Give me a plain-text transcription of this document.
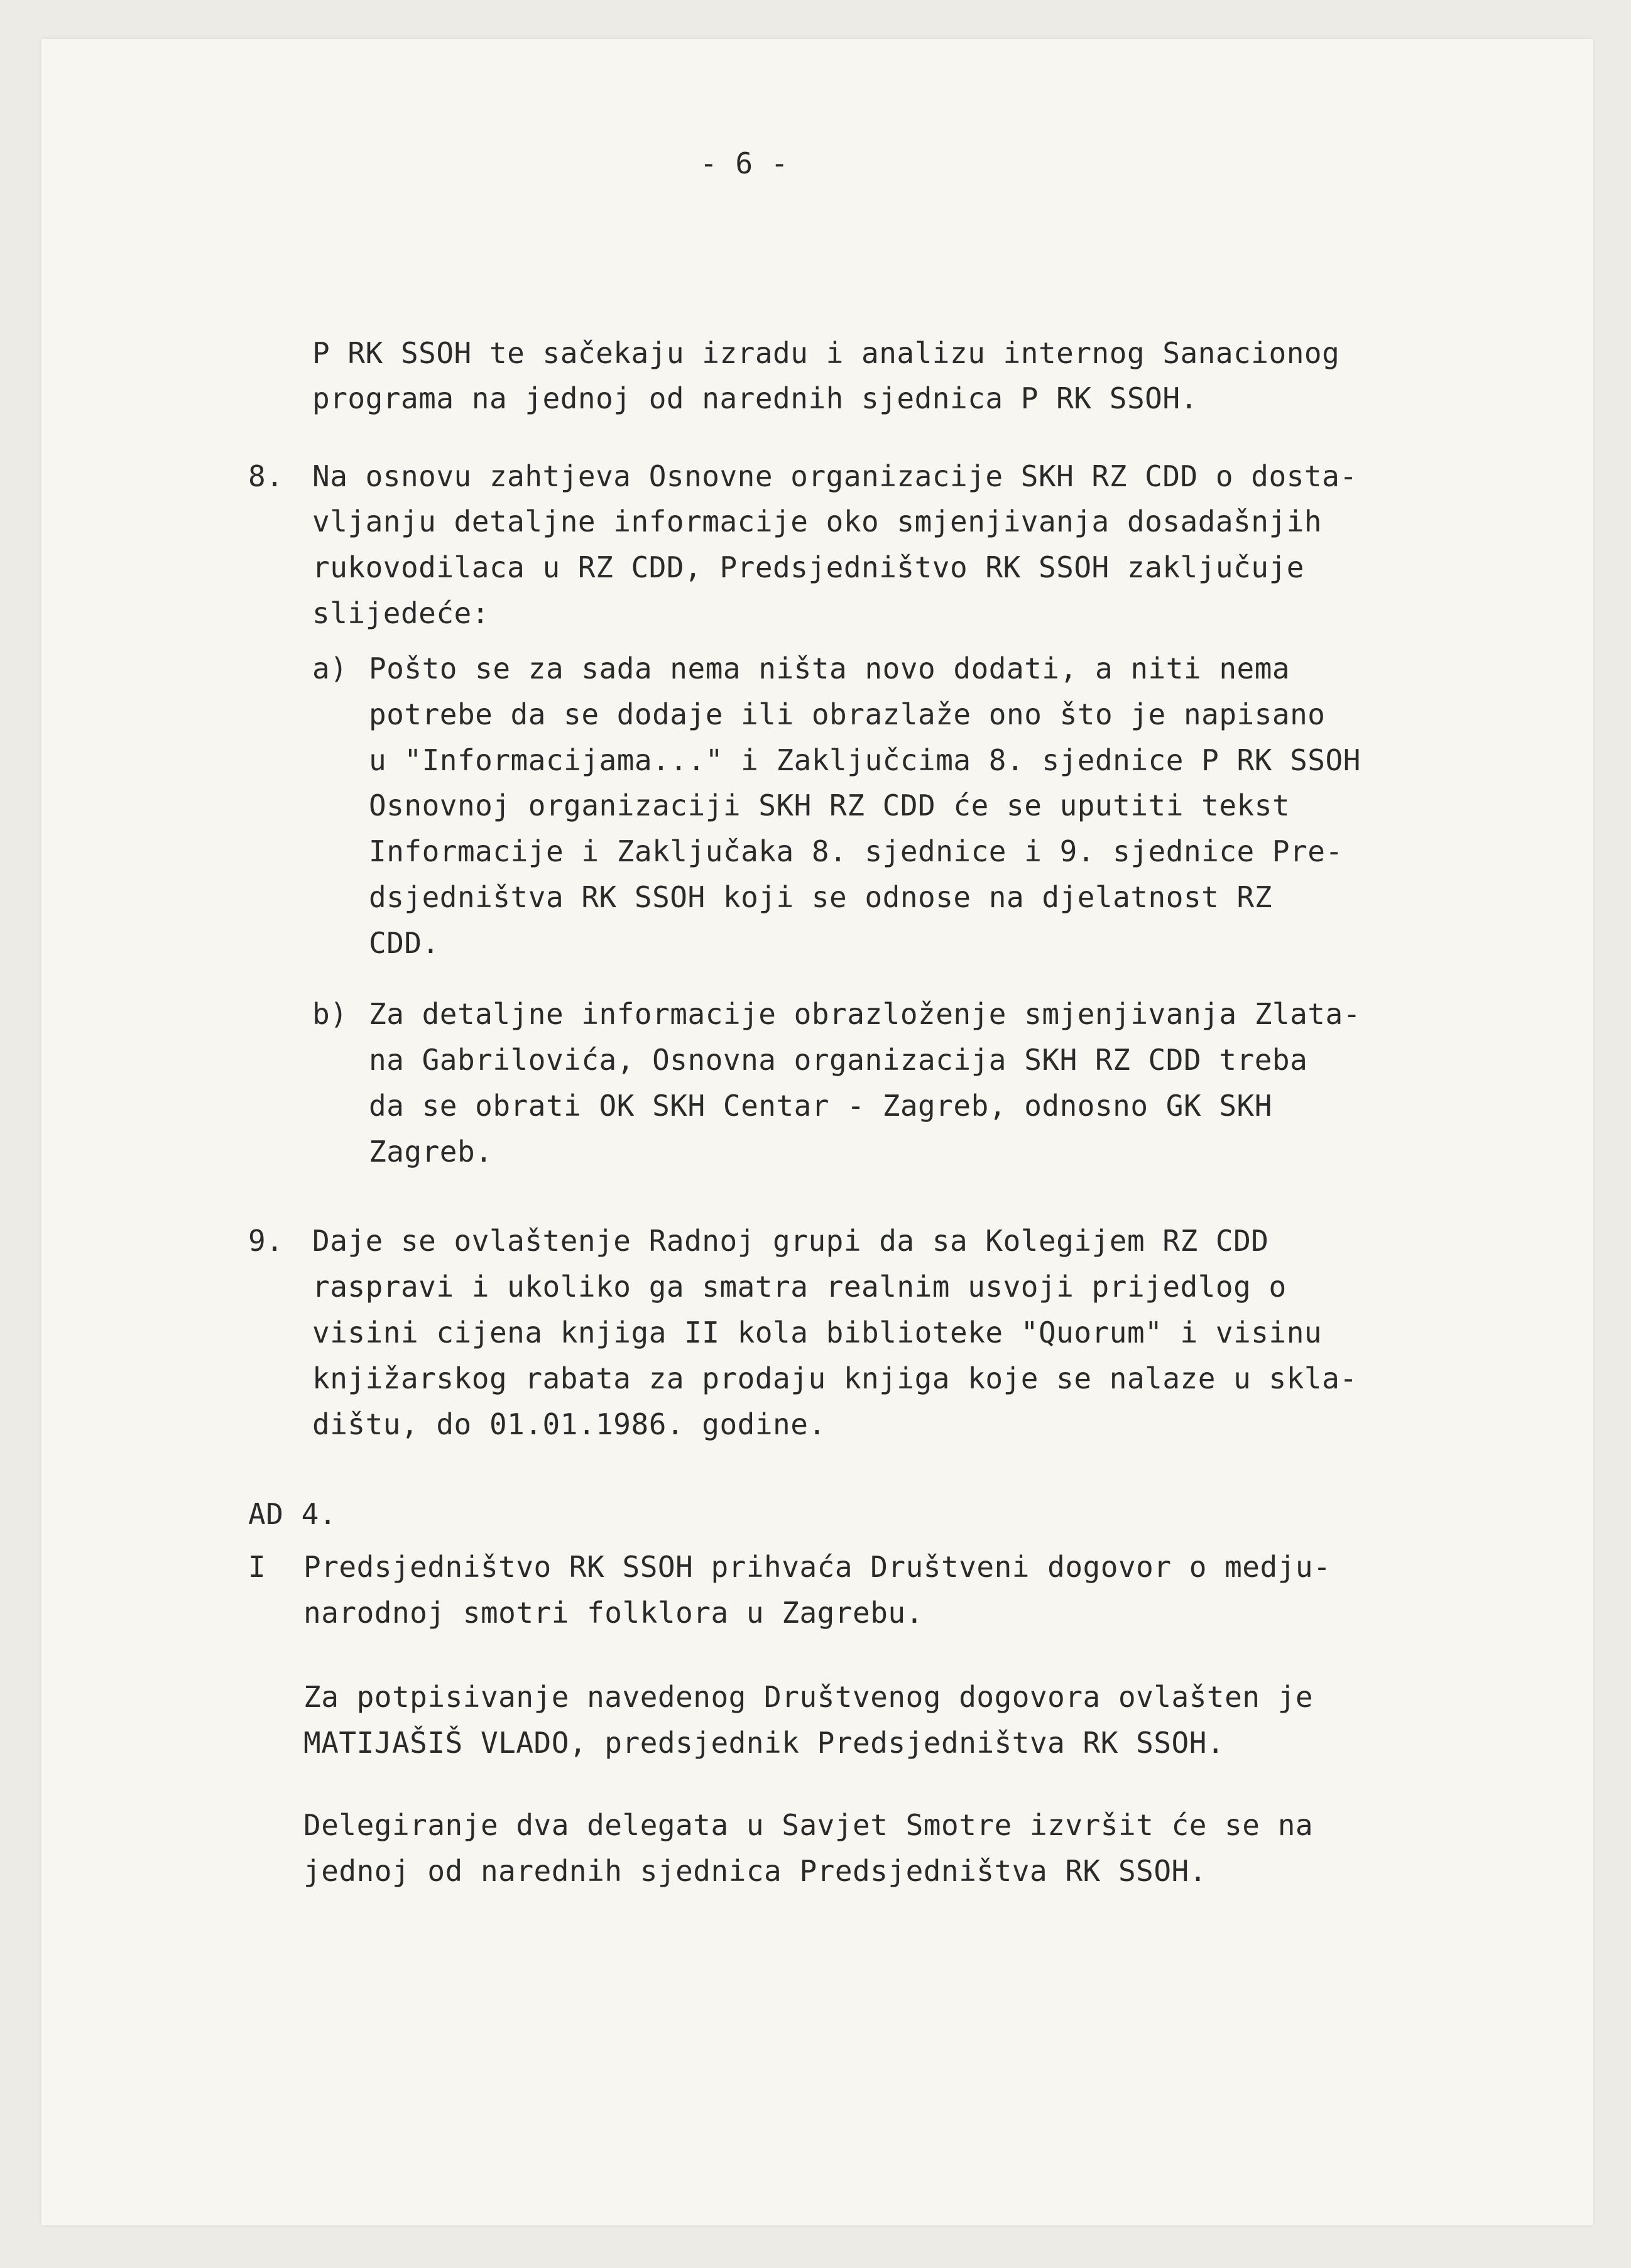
- 6 -
P RK SSOH te sačekaju izradu i analizu internog Sanacionog
programa na jednoj od narednih sjednica P RK SSOH.
8. Na osnovu zahtjeva Osnovne organizacije SKH RZ CDD o dosta-
vljanju detaljne informacije oko smjenjivanja dosadašnjih
rukovodilaca u RZ CDD, Predsjedništvo RK SSOH zaključuje
slijedeće:
a) Pošto se za sada nema ništa novo dodati, a niti nema
potrebe da se dodaje ili obrazlaže ono što je napisano
u "Informacijama..." i Zaključcima 8. sjednice P RK SSOH
Osnovnoj organizaciji SKH RZ CDD će se uputiti tekst
Informacije i Zaključaka 8. sjednice i 9. sjednice Pre-
dsjedništva RK SSOH koji se odnose na djelatnost RZ
CDD.
b) Za detaljne informacije obrazloženje smjenjivanja Zlata-
na Gabrilovića, Osnovna organizacija SKH RZ CDD treba
da se obrati OK SKH Centar - Zagreb, odnosno GK SKH
Zagreb.
9. Daje se ovlaštenje Radnoj grupi da sa Kolegijem RZ CDD
raspravi i ukoliko ga smatra realnim usvoji prijedlog o
visini cijena knjiga II kola biblioteke "Quorum" i visinu
knjižarskog rabata za prodaju knjiga koje se nalaze u skla-
dištu, do 01.01.1986. godine.
AD 4.
I Predsjedništvo RK SSOH prihvaća Društveni dogovor o medju-
narodnoj smotri folklora u Zagrebu.
Za potpisivanje navedenog Društvenog dogovora ovlašten je
MATIJAŠIŠ VLADO, predsjednik Predsjedništva RK SSOH.
Delegiranje dva delegata u Savjet Smotre izvršit će se na
jednoj od narednih sjednica Predsjedništva RK SSOH.
